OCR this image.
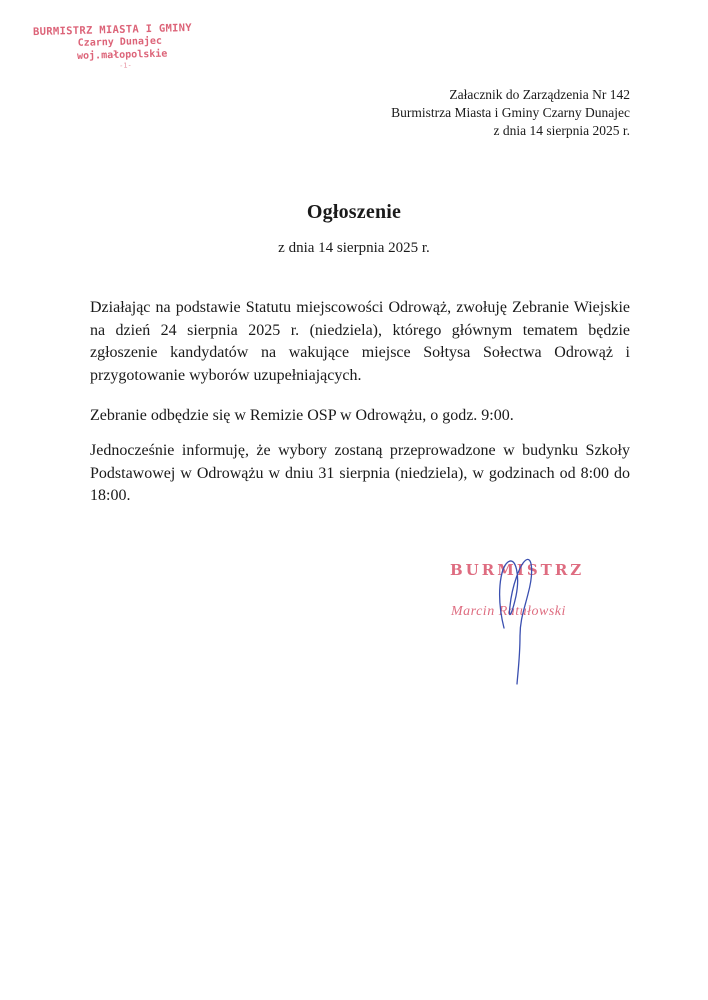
BURMISTRZ MIASTA I GMINY
Czarny Dunajec
woj.małopolskie
-1-
Załacznik do Zarządzenia Nr 142
Burmistrza Miasta i Gminy Czarny Dunajec
z dnia 14 sierpnia 2025 r.
Ogłoszenie
z dnia 14 sierpnia 2025 r.
Działając na podstawie Statutu miejscowości Odrowąż, zwołuję Zebranie Wiejskie na dzień 24 sierpnia 2025 r. (niedziela), którego głównym tematem będzie zgłoszenie kandydatów na wakujące miejsce Sołtysa Sołectwa Odrowąż i przygotowanie wyborów uzupełniających.
Zebranie odbędzie się w Remizie OSP w Odrowążu, o godz. 9:00.
Jednocześnie informuję, że wybory zostaną przeprowadzone w budynku Szkoły Podstawowej w Odrowążu w dniu 31 sierpnia (niedziela), w godzinach od 8:00 do 18:00.
BURMISTRZ
Marcin Ratułowski
